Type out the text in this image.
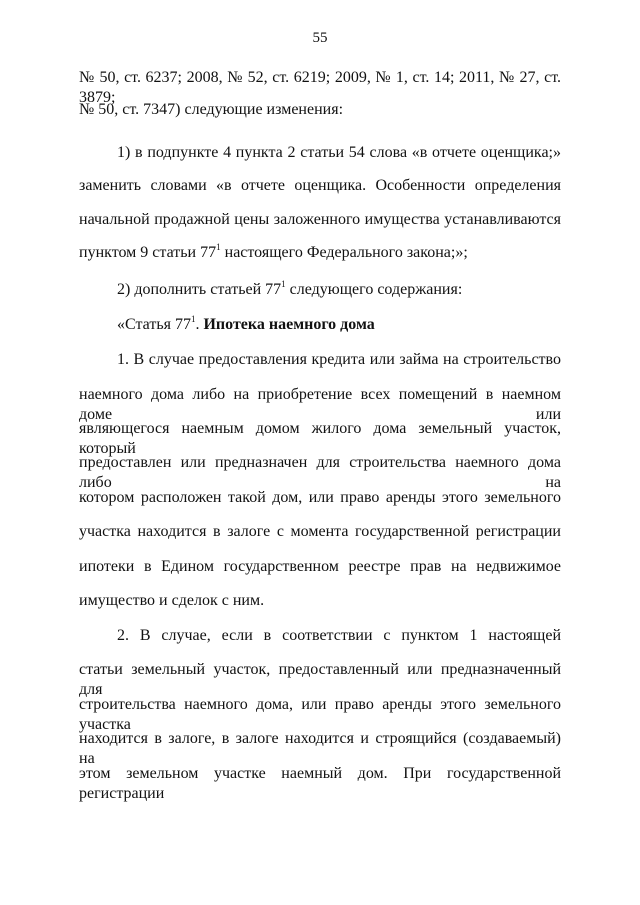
55
№ 50, ст. 6237; 2008, № 52, ст. 6219; 2009, № 1, ст. 14; 2011, № 27, ст. 3879;
№ 50, ст. 7347) следующие изменения:
1) в подпункте 4 пункта 2 статьи 54 слова «в отчете оценщика;»
заменить словами «в отчете оценщика. Особенности определения
начальной продажной цены заложенного имущества устанавливаются
пунктом 9 статьи $77^1$ настоящего Федерального закона;»;
2) дополнить статьей $77^1$ следующего содержания:
«Статья $77^1$. Ипотека наемного дома
1. В случае предоставления кредита или займа на строительство
наемного дома либо на приобретение всех помещений в наемном доме или
являющегося наемным домом жилого дома земельный участок, который
предоставлен или предназначен для строительства наемного дома либо на
котором расположен такой дом, или право аренды этого земельного
участка находится в залоге с момента государственной регистрации
ипотеки в Едином государственном реестре прав на недвижимое
имущество и сделок с ним.
2. В случае, если в соответствии с пунктом 1 настоящей
статьи земельный участок, предоставленный или предназначенный для
строительства наемного дома, или право аренды этого земельного участка
находится в залоге, в залоге находится и строящийся (создаваемый) на
этом земельном участке наемный дом. При государственной регистрации
